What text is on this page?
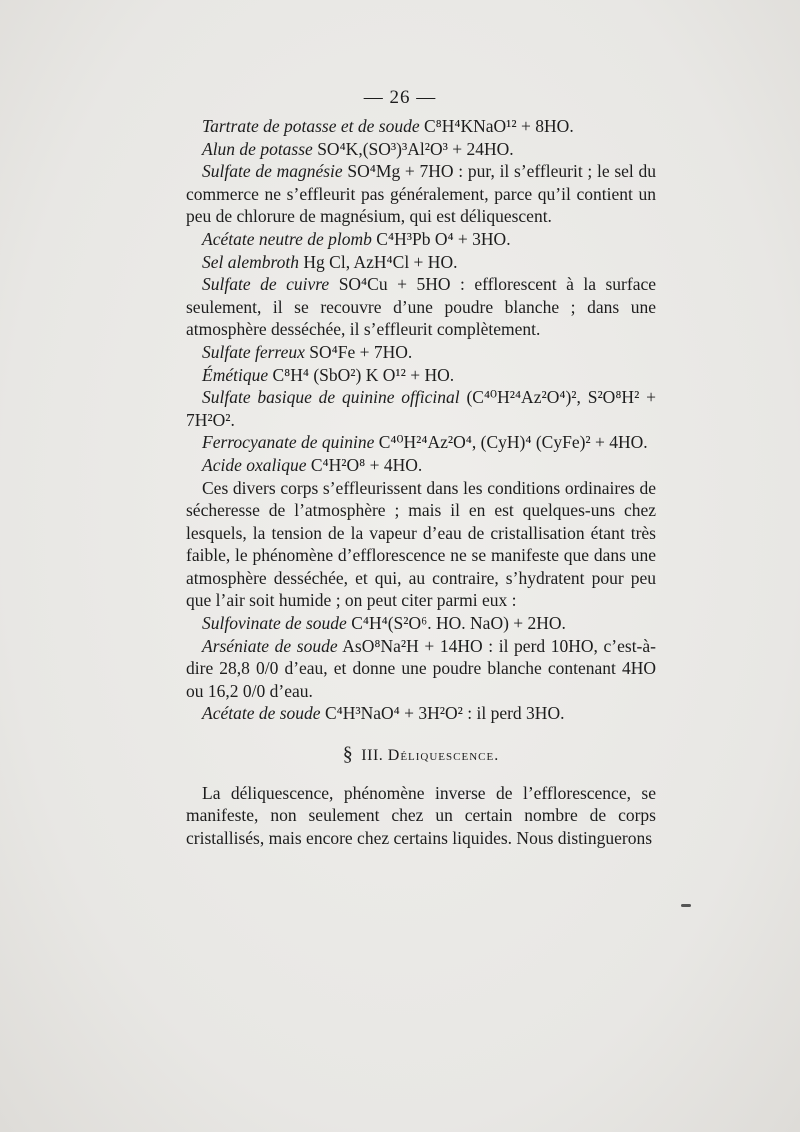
— 26 —

Tartrate de potasse et de soude C⁸H⁴KNaO¹² + 8HO.

Alun de potasse SO⁴K,(SO³)³Al²O³ + 24HO.

Sulfate de magnésie SO⁴Mg + 7HO : pur, il s’effleurit ; le sel du commerce ne s’effleurit pas généralement, parce qu’il contient un peu de chlorure de magnésium, qui est déliquescent.

Acétate neutre de plomb C⁴H³Pb O⁴ + 3HO.

Sel alembroth Hg Cl, AzH⁴Cl + HO.

Sulfate de cuivre SO⁴Cu + 5HO : efflorescent à la surface seulement, il se recouvre d’une poudre blanche ; dans une atmosphère desséchée, il s’effleurit complètement.

Sulfate ferreux SO⁴Fe + 7HO.

Émétique C⁸H⁴ (SbO²) K O¹² + HO.

Sulfate basique de quinine officinal (C⁴⁰H²⁴Az²O⁴)², S²O⁸H² + 7H²O².

Ferrocyanate de quinine C⁴⁰H²⁴Az²O⁴, (CyH)⁴ (CyFe)² + 4HO.

Acide oxalique C⁴H²O⁸ + 4HO.

Ces divers corps s’effleurissent dans les conditions ordinaires de sécheresse de l’atmosphère ; mais il en est quelques-uns chez lesquels, la tension de la vapeur d’eau de cristallisation étant très faible, le phénomène d’efflorescence ne se manifeste que dans une atmosphère desséchée, et qui, au contraire, s’hydratent pour peu que l’air soit humide ; on peut citer parmi eux :

Sulfovinate de soude C⁴H⁴(S²O⁶. HO. NaO) + 2HO.

Arséniate de soude AsO⁸Na²H + 14HO : il perd 10HO, c’est-à-dire 28,8 0/0 d’eau, et donne une poudre blanche contenant 4HO ou 16,2 0/0 d’eau.

Acétate de soude C⁴H³NaO⁴ + 3H²O² : il perd 3HO.

§ III. Déliquescence.

La déliquescence, phénomène inverse de l’efflorescence, se manifeste, non seulement chez un certain nombre de corps cristallisés, mais encore chez certains liquides. Nous distinguerons
